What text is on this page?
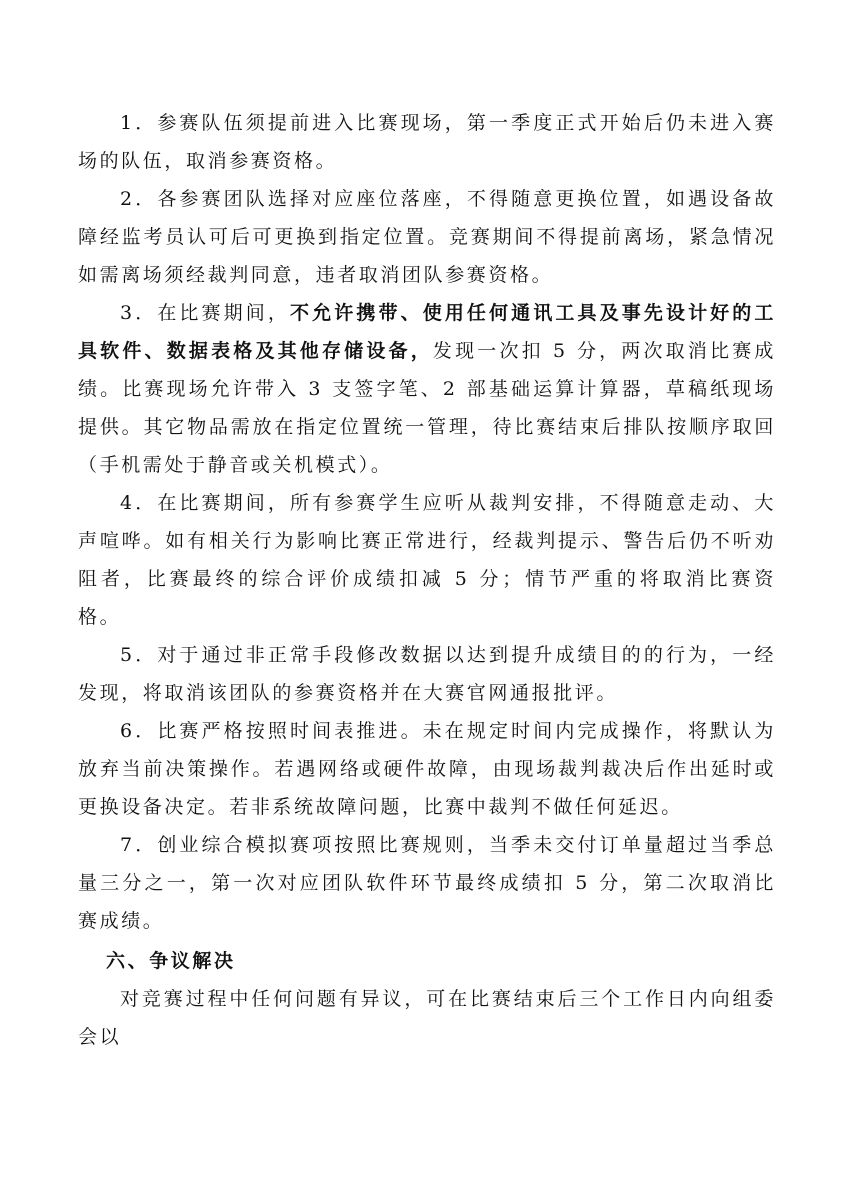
1．参赛队伍须提前进入比赛现场，第一季度正式开始后仍未进入赛场的队伍，取消参赛资格。

2．各参赛团队选择对应座位落座，不得随意更换位置，如遇设备故障经监考员认可后可更换到指定位置。竞赛期间不得提前离场，紧急情况如需离场须经裁判同意，违者取消团队参赛资格。

3．在比赛期间，不允许携带、使用任何通讯工具及事先设计好的工具软件、数据表格及其他存储设备，发现一次扣 5 分，两次取消比赛成绩。比赛现场允许带入 3 支签字笔、2 部基础运算计算器，草稿纸现场提供。其它物品需放在指定位置统一管理，待比赛结束后排队按顺序取回（手机需处于静音或关机模式）。

4．在比赛期间，所有参赛学生应听从裁判安排，不得随意走动、大声喧哗。如有相关行为影响比赛正常进行，经裁判提示、警告后仍不听劝阻者，比赛最终的综合评价成绩扣减 5 分；情节严重的将取消比赛资格。

5．对于通过非正常手段修改数据以达到提升成绩目的的行为，一经发现，将取消该团队的参赛资格并在大赛官网通报批评。

6．比赛严格按照时间表推进。未在规定时间内完成操作，将默认为放弃当前决策操作。若遇网络或硬件故障，由现场裁判裁决后作出延时或更换设备决定。若非系统故障问题，比赛中裁判不做任何延迟。

7．创业综合模拟赛项按照比赛规则，当季未交付订单量超过当季总量三分之一，第一次对应团队软件环节最终成绩扣 5 分，第二次取消比赛成绩。

六、争议解决

对竞赛过程中任何问题有异议，可在比赛结束后三个工作日内向组委会以
